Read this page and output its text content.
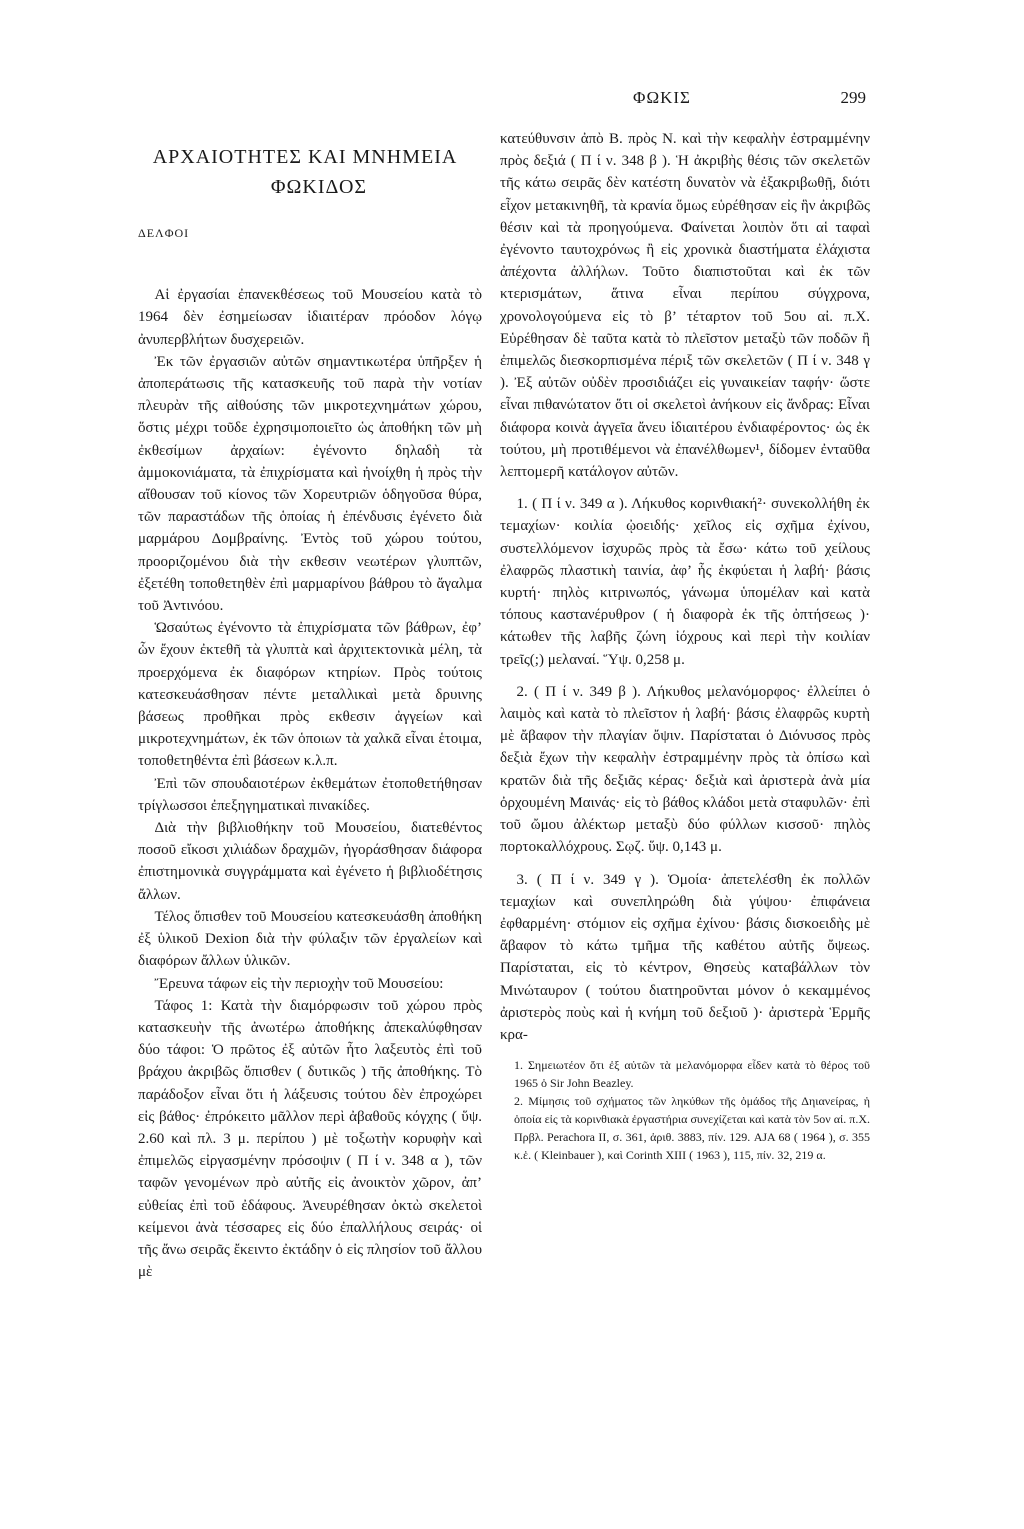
ΦΩΚΙΣ	299
ΑΡΧΑΙΟΤΗΤΕΣ ΚΑΙ ΜΝΗΜΕΙΑ
ΦΩΚΙΔΟΣ
ΔΕΛΦΟΙ

Αἱ ἐργασίαι ἐπανεκθέσεως τοῦ Μουσείου κατὰ τὸ 1964 δὲν ἐσημείωσαν ἰδιαιτέραν πρόοδον λόγῳ ἀνυπερβλήτων δυσχερειῶν.

Ἐκ τῶν ἐργασιῶν αὐτῶν σημαντικωτέρα ὑπῆρξεν ἡ ἀποπεράτωσις τῆς κατασκευῆς τοῦ παρὰ τὴν νοτίαν πλευρὰν τῆς αἰθούσης τῶν μικροτεχνημάτων χώρου, ὅστις μέχρι τοῦδε ἐχρησιμοποιεῖτο ὡς ἀποθήκη τῶν μὴ ἐκθεσίμων ἀρχαίων: ἐγένοντο δηλαδὴ τὰ ἀμμοκονιάματα, τὰ ἐπιχρίσματα καὶ ἠνοίχθη ἡ πρὸς τὴν αἴθουσαν τοῦ κίονος τῶν Χορευτριῶν ὁδηγοῦσα θύρα, τῶν παραστάδων τῆς ὁποίας ἡ ἐπένδυσις ἐγένετο διὰ μαρμάρου Δομβραίνης. Ἐντὸς τοῦ χώρου τούτου, προοριζομένου διὰ τὴν εκθεσιν νεωτέρων γλυπτῶν, ἐξετέθη τοποθετηθὲν ἐπὶ μαρμαρίνου βάθρου τὸ ἄγαλμα τοῦ Ἀντινόου.

Ὡσαύτως ἐγένοντο τὰ ἐπιχρίσματα τῶν βάθρων, ἐφ’ ὧν ἔχουν ἐκτεθῆ τὰ γλυπτὰ καὶ ἀρχιτεκτονικὰ μέλη, τὰ προερχόμενα ἐκ διαφόρων κτηρίων. Πρὸς τούτοις κατεσκευάσθησαν πέντε μεταλλικαὶ μετὰ δρυινης βάσεως προθῆκαι πρὸς εκθεσιν ἀγγείων καὶ μικροτεχνημάτων, ἐκ τῶν ὁποιων τὰ χαλκᾶ εἶναι ἑτοιμα, τοποθετηθέντα ἐπὶ βάσεων κ.λ.π.

Ἐπὶ τῶν σπουδαιοτέρων ἐκθεμάτων ἐτοποθετήθησαν τρίγλωσσοι ἐπεξηγηματικαὶ πινακίδες.

Διὰ τὴν βιβλιοθήκην τοῦ Μουσείου, διατεθέντος ποσοῦ εἴκοσι χιλιάδων δραχμῶν, ἠγοράσθησαν διάφορα ἐπιστημονικὰ συγγράμματα καὶ ἐγένετο ἡ βιβλιοδέτησις ἄλλων.

Τέλος ὄπισθεν τοῦ Μουσείου κατεσκευάσθη ἀποθήκη ἐξ ὑλικοῦ Dexion διὰ τὴν φύλαξιν τῶν ἐργαλείων καὶ διαφόρων ἄλλων ὑλικῶν.

Ἔρευνα τάφων εἰς τὴν περιοχὴν τοῦ Μουσείου:

Τάφος 1: Κατὰ τὴν διαμόρφωσιν τοῦ χώρου πρὸς κατασκευὴν τῆς ἀνωτέρω ἀποθήκης ἀπεκαλύφθησαν δύο τάφοι: Ὁ πρῶτος ἐξ αὐτῶν ἦτο λαξευτὸς ἐπὶ τοῦ βράχου ἀκριβῶς ὄπισθεν ( δυτικῶς ) τῆς ἀποθήκης. Τὸ παράδοξον εἶναι ὅτι ἡ λάξευσις τούτου δὲν ἐπροχώρει εἰς βάθος· ἐπρόκειτο μᾶλλον περὶ ἀβαθοῦς κόγχης ( ὕψ. 2.60 καὶ πλ. 3 μ. περίπου ) μὲ τοξωτὴν κορυφὴν καὶ ἐπιμελῶς εἰργασμένην πρόσοψιν ( Π ί ν. 348 α ), τῶν ταφῶν γενομένων πρὸ αὐτῆς εἰς ἀνοικτὸν χῶρον, ἀπ’ εὐθείας ἐπὶ τοῦ ἐδάφους. Ἀνευρέθησαν ὀκτὼ σκελετοὶ κείμενοι ἀνὰ τέσσαρες εἰς δύο ἐπαλλήλους σειράς· οἱ τῆς ἄνω σειρᾶς ἔκειντο ἐκτάδην ὁ εἰς πλησίον τοῦ ἄλλου μὲ

κατεύθυνσιν ἀπὸ Β. πρὸς Ν. καὶ τὴν κεφαλὴν ἐστραμμένην πρὸς δεξιά ( Π ί ν. 348 β ). Ἡ ἀκριβὴς θέσις τῶν σκελετῶν τῆς κάτω σειρᾶς δὲν κατέστη δυνατὸν νὰ ἐξακριβωθῇ, διότι εἶχον μετακινηθῆ, τὰ κρανία ὅμως εὑρέθησαν εἰς ἣν ἀκριβῶς θέσιν καὶ τὰ προηγούμενα. Φαίνεται λοιπὸν ὅτι αἱ ταφαὶ ἐγένοντο ταυτοχρόνως ἢ εἰς χρονικὰ διαστήματα ἐλάχιστα ἀπέχοντα ἀλλήλων. Τοῦτο διαπιστοῦται καὶ ἐκ τῶν κτερισμάτων, ἅτινα εἶναι περίπου σύγχρονα, χρονολογούμενα εἰς τὸ β’ τέταρτον τοῦ 5ου αἰ. π.Χ. Εὑρέθησαν δὲ ταῦτα κατὰ τὸ πλεῖστον μεταξὺ τῶν ποδῶν ἢ ἐπιμελῶς διεσκορπισμένα πέριξ τῶν σκελετῶν ( Π ί ν. 348 γ ). Ἐξ αὐτῶν οὐδὲν προσιδιάζει εἰς γυναικείαν ταφήν· ὥστε εἶναι πιθανώτατον ὅτι οἱ σκελετοὶ ἀνήκουν εἰς ἄνδρας: Εἶναι διάφορα κοινὰ ἀγγεῖα ἄνευ ἰδιαιτέρου ἐνδιαφέροντος· ὡς ἐκ τούτου, μὴ προτιθέμενοι νὰ ἐπανέλθωμεν¹, δίδομεν ἐνταῦθα λεπτομερῆ κατάλογον αὐτῶν.

1. ( Π ί ν. 349 α ). Λήκυθος κορινθιακή²· συνεκολλήθη ἐκ τεμαχίων· κοιλία ᾠοειδής· χεῖλος εἰς σχῆμα ἐχίνου, συστελλόμενον ἰσχυρῶς πρὸς τὰ ἔσω· κάτω τοῦ χείλους ἐλαφρῶς πλαστικὴ ταινία, ἀφ’ ἧς ἐκφύεται ἡ λαβή· βάσις κυρτή· πηλὸς κιτρινωπός, γάνωμα ὑπομέλαν καὶ κατὰ τόπους καστανέρυθρον ( ἡ διαφορὰ ἐκ τῆς ὀπτήσεως )· κάτωθεν τῆς λαβῆς ζώνη ἰόχρους καὶ περὶ τὴν κοιλίαν τρεῖς(;) μελαναί. Ὕψ. 0,258 μ.

2. ( Π ί ν. 349 β ). Λήκυθος μελανόμορφος· ἐλλείπει ὁ λαιμὸς καὶ κατὰ τὸ πλεῖστον ἡ λαβή· βάσις ἐλαφρῶς κυρτὴ μὲ ἄβαφον τὴν πλαγίαν ὄψιν. Παρίσταται ὁ Διόνυσος πρὸς δεξιὰ ἔχων τὴν κεφαλὴν ἐστραμμένην πρὸς τὰ ὀπίσω καὶ κρατῶν διὰ τῆς δεξιᾶς κέρας· δεξιὰ καὶ ἀριστερὰ ἀνὰ μία ὀρχουμένη Μαινάς· εἰς τὸ βάθος κλάδοι μετὰ σταφυλῶν· ἐπὶ τοῦ ὤμου ἀλέκτωρ μεταξὺ δύο φύλλων κισσοῦ· πηλὸς πορτοκαλλόχρους. Σῳζ. ὕψ. 0,143 μ.

3. ( Π ί ν. 349 γ ). Ὁμοία· ἀπετελέσθη ἐκ πολλῶν τεμαχίων καὶ συνεπληρώθη διὰ γύψου· ἐπιφάνεια ἐφθαρμένη· στόμιον εἰς σχῆμα ἐχίνου· βάσις δισκοειδὴς μὲ ἄβαφον τὸ κάτω τμῆμα τῆς καθέτου αὐτῆς ὄψεως. Παρίσταται, εἰς τὸ κέντρον, Θησεὺς καταβάλλων τὸν Μινώταυρον ( τούτου διατηροῦνται μόνον ὁ κεκαμμένος ἀριστερὸς ποὺς καὶ ἡ κνήμη τοῦ δεξιοῦ )· ἀριστερὰ Ἑρμῆς κρα-

1. Σημειωτέον ὅτι ἐξ αὐτῶν τὰ μελανόμορφα εἶδεν κατὰ τὸ θέρος τοῦ 1965 ὁ Sir John Beazley.

2. Μίμησις τοῦ σχήματος τῶν ληκύθων τῆς ὁμάδος τῆς Δηιανείρας, ἡ ὁποία εἰς τὰ κορινθιακὰ ἐργαστήρια συνεχίζεται καὶ κατὰ τὸν 5ον αἰ. π.Χ. Πρβλ. Perachora II, σ. 361, ἀριθ. 3883, πίν. 129. AJA 68 ( 1964 ), σ. 355 κ.ἑ. ( Kleinbauer ), καὶ Corinth XIII ( 1963 ), 115, πίν. 32, 219 α.
